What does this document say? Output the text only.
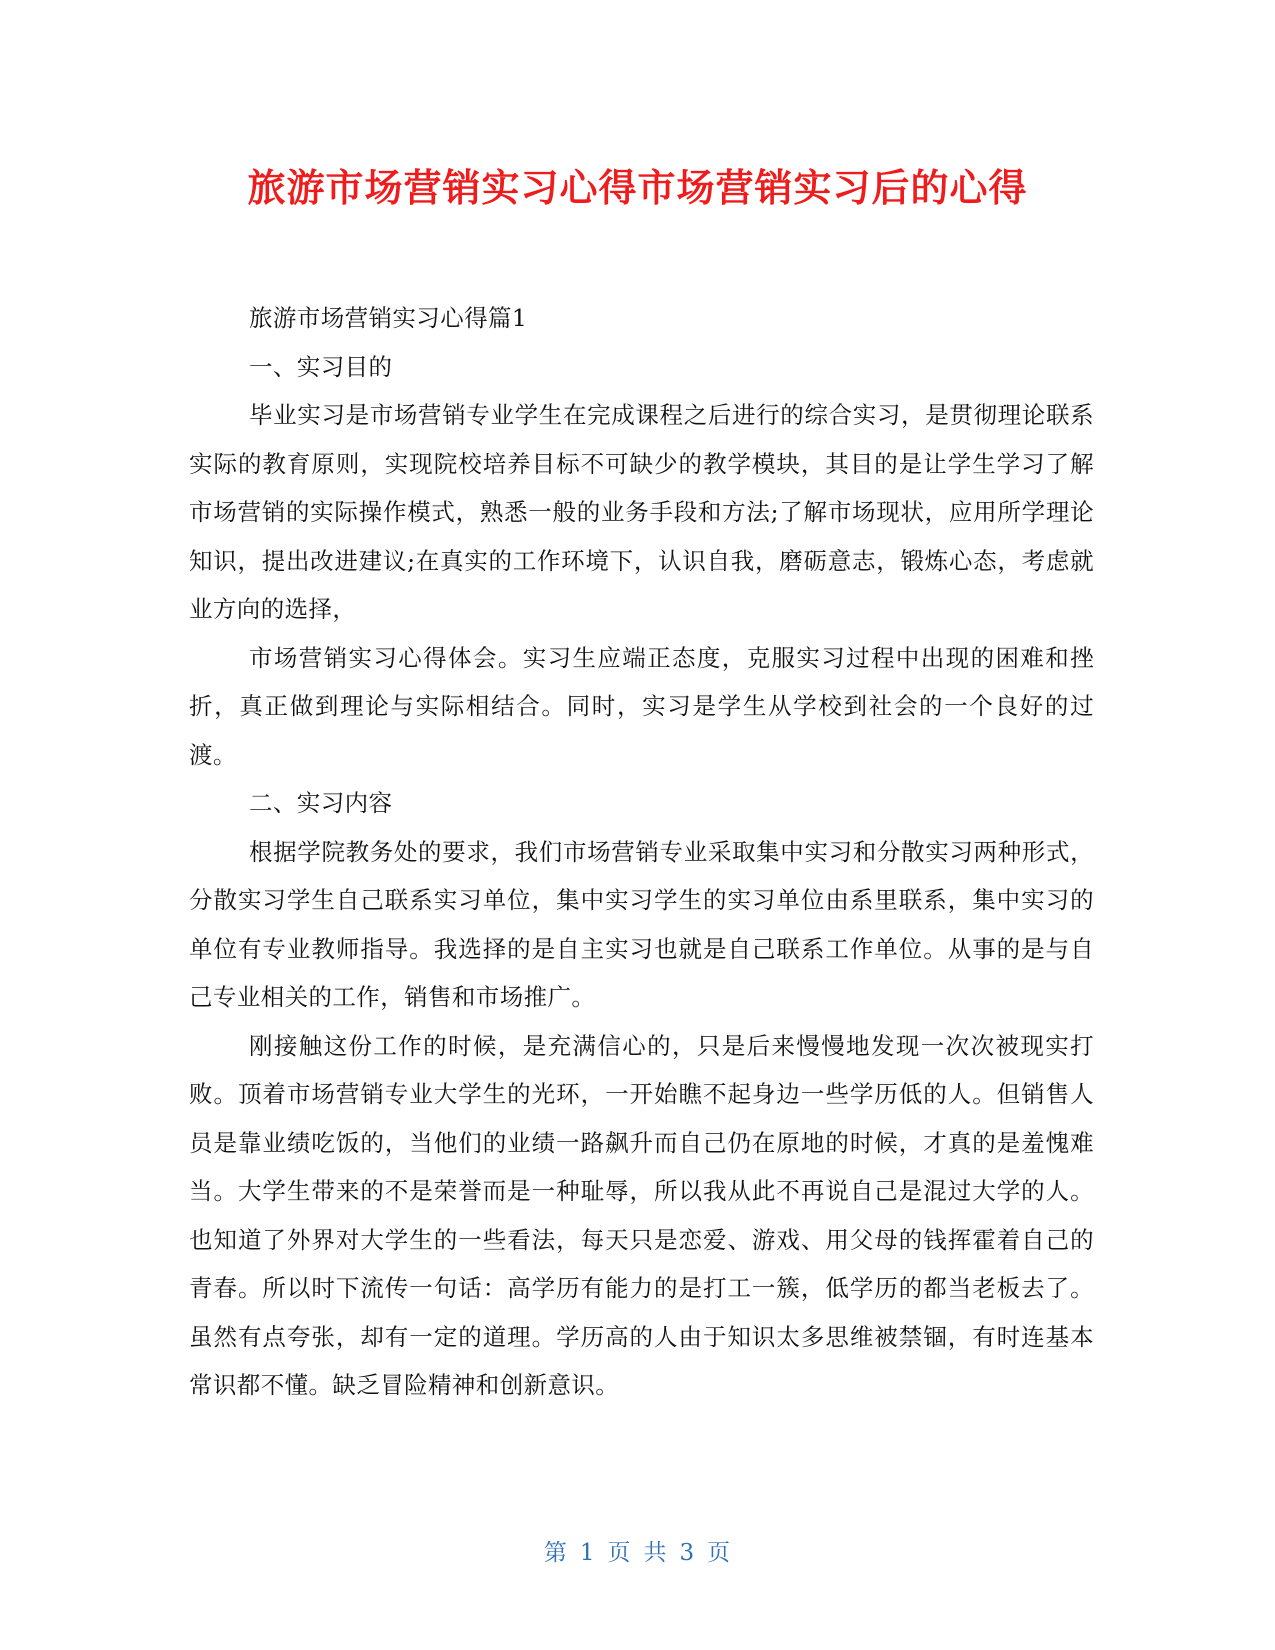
旅游市场营销实习心得市场营销实习后的心得

旅游市场营销实习心得篇1

一、实习目的

毕业实习是市场营销专业学生在完成课程之后进行的综合实习，是贯彻理论联系实际的教育原则，实现院校培养目标不可缺少的教学模块，其目的是让学生学习了解市场营销的实际操作模式，熟悉一般的业务手段和方法;了解市场现状，应用所学理论知识，提出改进建议;在真实的工作环境下，认识自我，磨砺意志，锻炼心态，考虑就业方向的选择，

市场营销实习心得体会。实习生应端正态度，克服实习过程中出现的困难和挫折，真正做到理论与实际相结合。同时，实习是学生从学校到社会的一个良好的过渡。

二、实习内容

根据学院教务处的要求，我们市场营销专业采取集中实习和分散实习两种形式，分散实习学生自己联系实习单位，集中实习学生的实习单位由系里联系，集中实习的单位有专业教师指导。我选择的是自主实习也就是自己联系工作单位。从事的是与自己专业相关的工作，销售和市场推广。

刚接触这份工作的时候，是充满信心的，只是后来慢慢地发现一次次被现实打败。顶着市场营销专业大学生的光环，一开始瞧不起身边一些学历低的人。但销售人员是靠业绩吃饭的，当他们的业绩一路飙升而自己仍在原地的时候，才真的是羞愧难当。大学生带来的不是荣誉而是一种耻辱，所以我从此不再说自己是混过大学的人。也知道了外界对大学生的一些看法，每天只是恋爱、游戏、用父母的钱挥霍着自己的青春。所以时下流传一句话：高学历有能力的是打工一簇，低学历的都当老板去了。虽然有点夸张，却有一定的道理。学历高的人由于知识太多思维被禁锢，有时连基本常识都不懂。缺乏冒险精神和创新意识。

第 1 页 共 3 页
